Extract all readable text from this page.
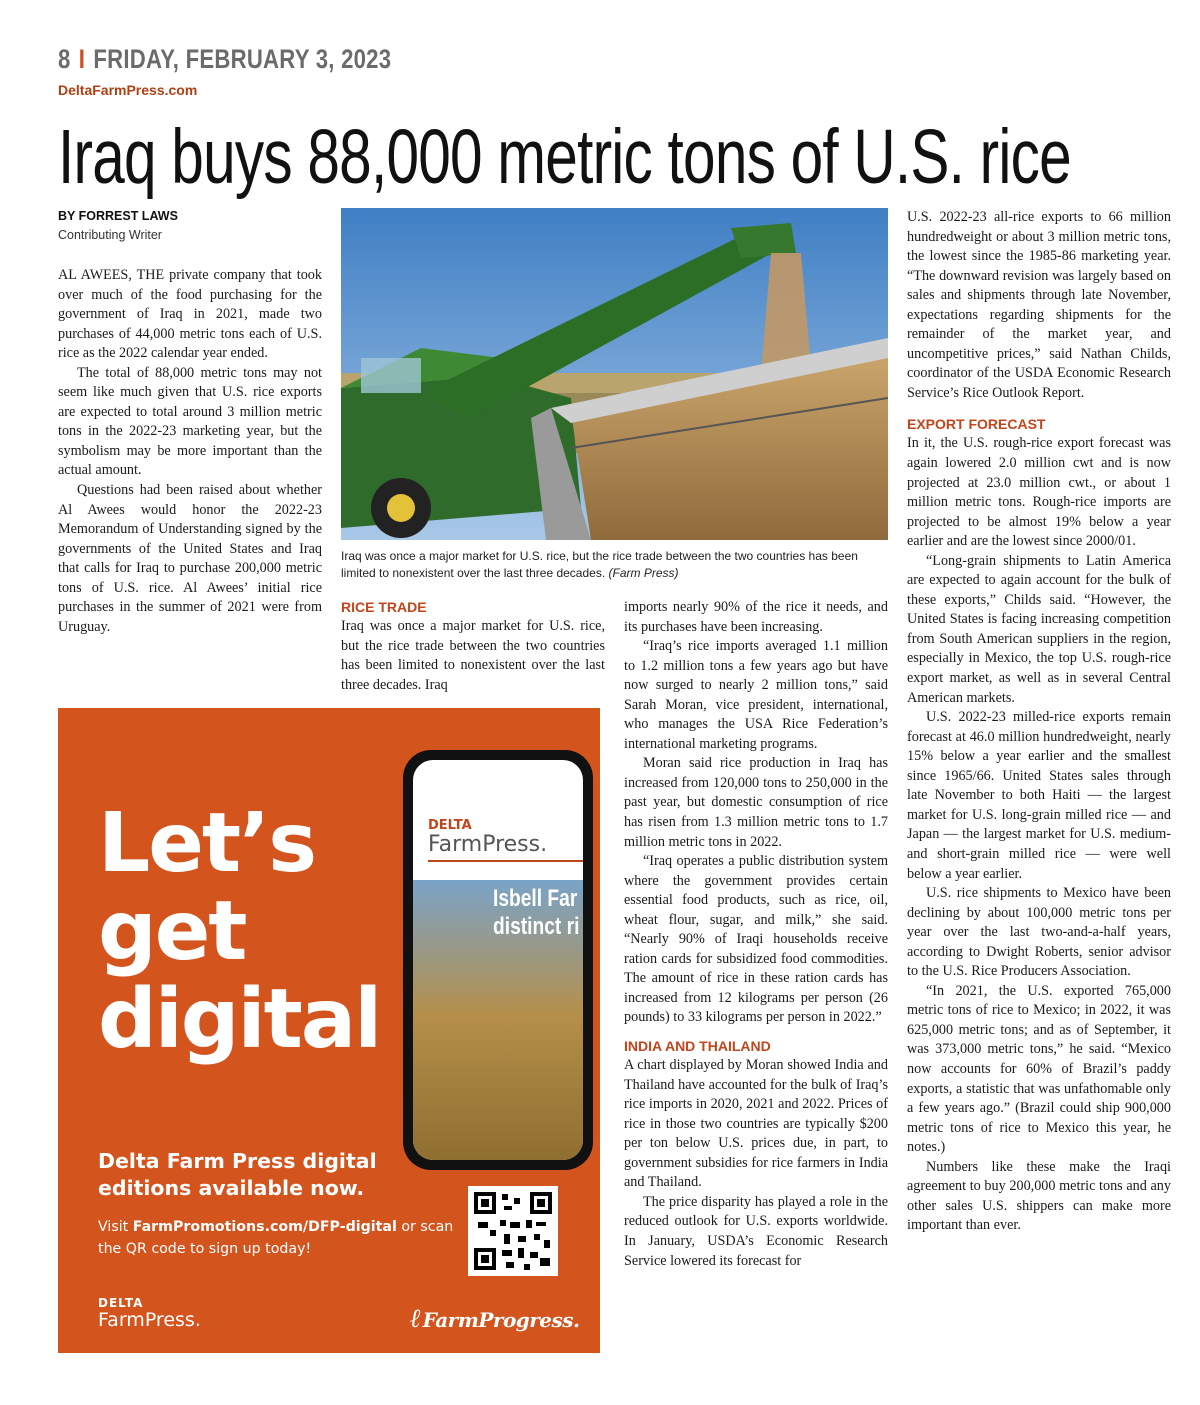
8 I FRIDAY, FEBRUARY 3, 2023
DeltaFarmPress.com
Iraq buys 88,000 metric tons of U.S. rice
BY FORREST LAWS
Contributing Writer

AL AWEES, THE private company that took over much of the food purchasing for the government of Iraq in 2021, made two purchases of 44,000 metric tons each of U.S. rice as the 2022 calendar year ended.

The total of 88,000 metric tons may not seem like much given that U.S. rice exports are expected to total around 3 million metric tons in the 2022-23 marketing year, but the symbolism may be more important than the actual amount.

Questions had been raised about whether Al Awees would honor the 2022-23 Memorandum of Understanding signed by the governments of the United States and Iraq that calls for Iraq to purchase 200,000 metric tons of U.S. rice. Al Awees’ initial rice purchases in the summer of 2021 were from Uruguay.

Iraq was once a major market for U.S. rice, but the rice trade between the two countries has been limited to nonexistent over the last three decades. (Farm Press)
RICE TRADE

Iraq was once a major market for U.S. rice, but the rice trade between the two countries has been limited to nonexistent over the last three decades. Iraq

imports nearly 90% of the rice it needs, and its purchases have been increasing.

“Iraq’s rice imports averaged 1.1 million to 1.2 million tons a few years ago but have now surged to nearly 2 million tons,” said Sarah Moran, vice president, international, who manages the USA Rice Federation’s international marketing programs.

Moran said rice production in Iraq has increased from 120,000 tons to 250,000 in the past year, but domestic consumption of rice has risen from 1.3 million metric tons to 1.7 million metric tons in 2022.

“Iraq operates a public distribution system where the government provides certain essential food products, such as rice, oil, wheat flour, sugar, and milk,” she said. “Nearly 90% of Iraqi households receive ration cards for subsidized food commodities. The amount of rice in these ration cards has increased from 12 kilograms per person (26 pounds) to 33 kilograms per person in 2022.”

INDIA AND THAILAND

A chart displayed by Moran showed India and Thailand have accounted for the bulk of Iraq’s rice imports in 2020, 2021 and 2022. Prices of rice in those two countries are typically $200 per ton below U.S. prices due, in part, to government subsidies for rice farmers in India and Thailand.

The price disparity has played a role in the reduced outlook for U.S. exports worldwide. In January, USDA’s Economic Research Service lowered its forecast for

U.S. 2022-23 all-rice exports to 66 million hundredweight or about 3 million metric tons, the lowest since the 1985-86 marketing year. “The downward revision was largely based on sales and shipments through late November, expectations regarding shipments for the remainder of the market year, and uncompetitive prices,” said Nathan Childs, coordinator of the USDA Economic Research Service’s Rice Outlook Report.

EXPORT FORECAST

In it, the U.S. rough-rice export forecast was again lowered 2.0 million cwt and is now projected at 23.0 million cwt., or about 1 million metric tons. Rough-rice imports are projected to be almost 19% below a year earlier and are the lowest since 2000/01.

“Long-grain shipments to Latin America are expected to again account for the bulk of these exports,” Childs said. “However, the United States is facing increasing competition from South American suppliers in the region, especially in Mexico, the top U.S. rough-rice export market, as well as in several Central American markets.

U.S. 2022-23 milled-rice exports remain forecast at 46.0 million hundredweight, nearly 15% below a year earlier and the smallest since 1965/66. United States sales through late November to both Haiti — the largest market for U.S. long-grain milled rice — and Japan — the largest market for U.S. medium- and short-grain milled rice — were well below a year earlier.

U.S. rice shipments to Mexico have been declining by about 100,000 metric tons per year over the last two-and-a-half years, according to Dwight Roberts, senior advisor to the U.S. Rice Producers Association.

“In 2021, the U.S. exported 765,000 metric tons of rice to Mexico; in 2022, it was 625,000 metric tons; and as of September, it was 373,000 metric tons,” he said. “Mexico now accounts for 60% of Brazil’s paddy exports, a statistic that was unfathomable only a few years ago.” (Brazil could ship 900,000 metric tons of rice to Mexico this year, he notes.)

Numbers like these make the Iraqi agreement to buy 200,000 metric tons and any other sales U.S. shippers can make more important than ever.

Let’s
get
digital
DELTA
FarmPress.
Isbell Far
distinct ri
Delta Farm Press digital
editions available now.
Visit FarmPromotions.com/DFP-digital or scan the QR code to sign up today!
DELTA
FarmPress.	ℓ FarmProgress.
